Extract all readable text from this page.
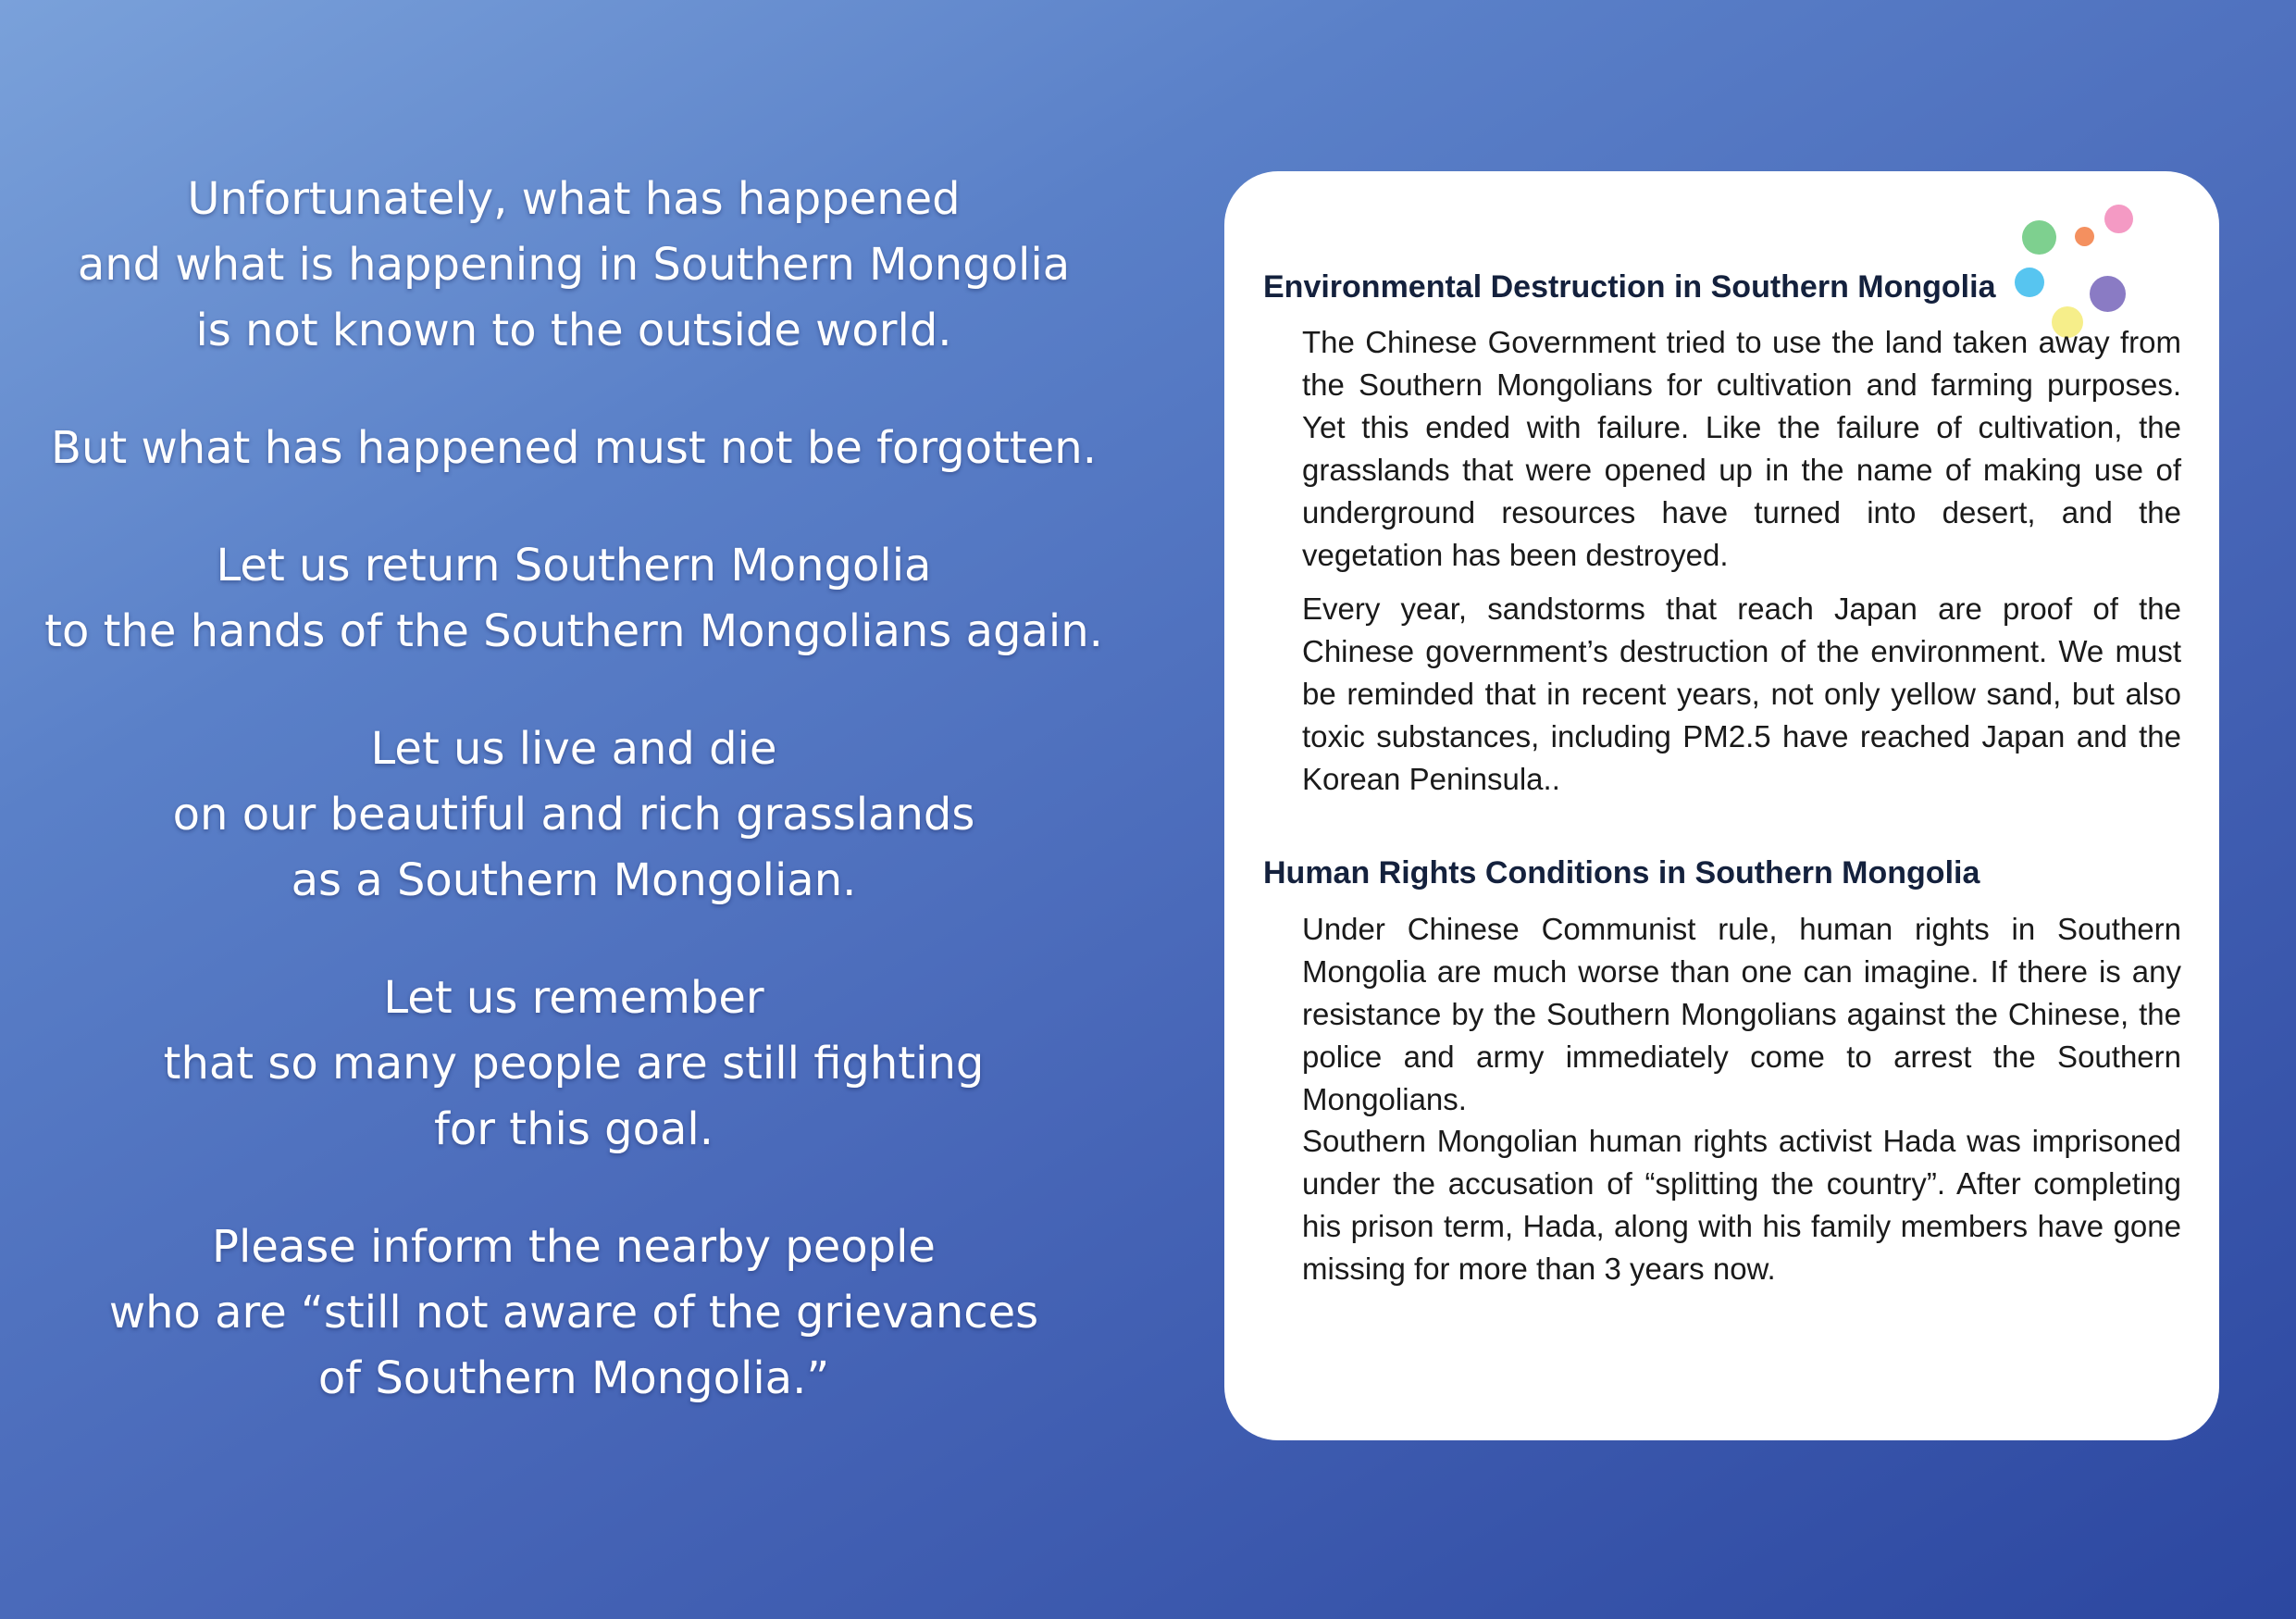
Unfortunately, what has happened
and what is happening in Southern Mongolia
is not known to the outside world.

But what has happened must not be forgotten.

Let us return Southern Mongolia
to the hands of the Southern Mongolians again.

Let us live and die
on our beautiful and rich grasslands
as a Southern Mongolian.

Let us remember
that so many people are still fighting
for this goal.

Please inform the nearby people
who are “still not aware of the grievances
of Southern Mongolia.”

Environmental Destruction in Southern Mongolia

The Chinese Government tried to use the land taken away from the Southern Mongolians for cultivation and farming purposes. Yet this ended with failure. Like the failure of cultivation, the grasslands that were opened up in the name of making use of underground resources have turned into desert, and the vegetation has been destroyed.

Every year, sandstorms that reach Japan are proof of the Chinese government’s destruction of the environment. We must be reminded that in recent years, not only yellow sand, but also toxic substances, including PM2.5 have reached Japan and the Korean Peninsula..

Human Rights Conditions in Southern Mongolia

Under Chinese Communist rule, human rights in Southern Mongolia are much worse than one can imagine. If there is any resistance by the Southern Mongolians against the Chinese, the police and army immediately come to arrest the Southern Mongolians.

Southern Mongolian human rights activist Hada was imprisoned under the accusation of “splitting the country”. After completing his prison term, Hada, along with his family members have gone missing for more than 3 years now.
